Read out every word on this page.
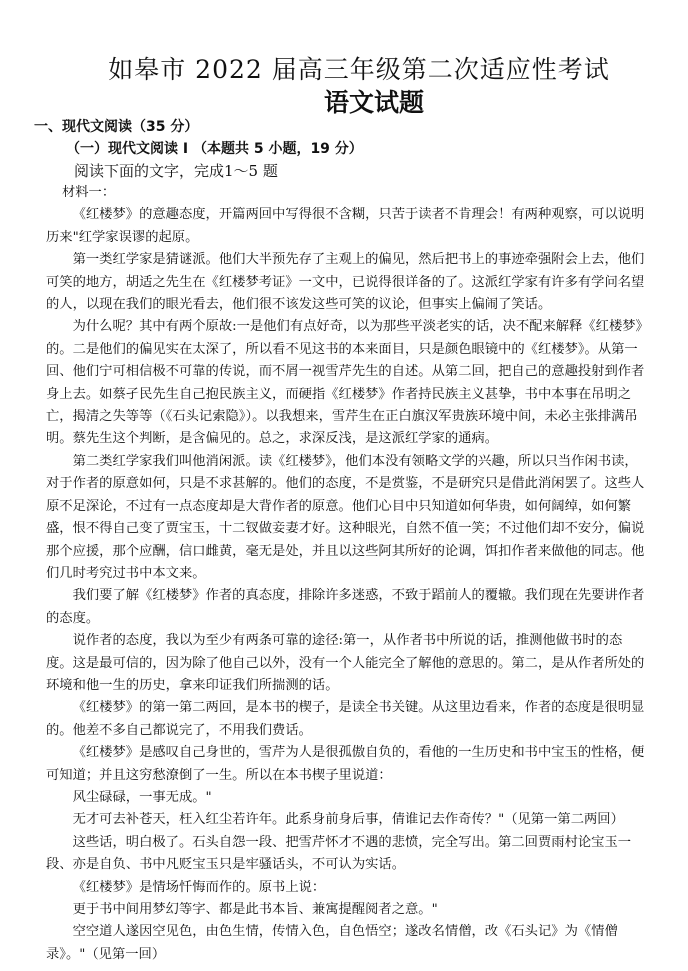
如皋市 2022 届高三年级第二次适应性考试
语文试题
一、现代文阅读（35 分）
（一）现代文阅读 I （本题共 5 小题，19 分）
阅读下面的文字，完成1～5 题

材料一：

《红楼梦》的意趣态度，开篇两回中写得很不含糊，只苦于读者不肯理会！有两种观察，可以说明历来"红学家误谬的起原。

第一类红学家是猜谜派。他们大半预先存了主观上的偏见，然后把书上的事迹牵强附会上去，他们可笑的地方，胡适之先生在《红楼梦考证》一文中，已说得很详备的了。这派红学家有许多有学问名望的人，以现在我们的眼光看去，他们很不该发这些可笑的议论，但事实上偏闹了笑话。

为什么呢？其中有两个原故:一是他们有点好奇，以为那些平淡老实的话，决不配来解释《红楼梦》的。二是他们的偏见实在太深了，所以看不见这书的本来面目，只是颜色眼镜中的《红楼梦》。从第一回、他们宁可相信极不可靠的传说，而不屑一视雪芹先生的自述。从第二回，把自己的意趣投射到作者身上去。如蔡孑民先生自己抱民族主义，而硬指《红楼梦》作者持民族主义甚挚，书中本事在吊明之亡，揭清之失等等（《石头记索隐》）。以我想来，雪芹生在正白旗汉军贵族环境中间，未必主张排满吊明。蔡先生这个判断，是含偏见的。总之，求深反浅，是这派红学家的通病。

第二类红学家我们叫他消闲派。读《红楼梦》，他们本没有领略文学的兴趣，所以只当作闲书读，对于作者的原意如何，只是不求甚解的。他们的态度，不是赏鉴，不是研究只是借此消闲罢了。这些人原不足深论，不过有一点态度却是大背作者的原意。他们心目中只知道如何华贵，如何阔绰，如何繁盛，恨不得自己变了贾宝玉，十二钗做妾妻才好。这种眼光，自然不值一笑；不过他们却不安分，偏说那个应援，那个应酬，信口雌黄，毫无是处，并且以这些阿其所好的论调，饵扣作者来做他的同志。他们几时考究过书中本文来。

我们要了解《红楼梦》作者的真态度，排除许多迷惑，不致于蹈前人的覆辙。我们现在先要讲作者的态度。

说作者的态度，我以为至少有两条可靠的途径:第一，从作者书中所说的话，推测他做书时的态度。这是最可信的，因为除了他自己以外，没有一个人能完全了解他的意思的。第二，是从作者所处的环境和他一生的历史，拿来印证我们所揣测的话。

《红楼梦》的第一第二两回，是本书的楔子，是读全书关键。从这里边看来，作者的态度是很明显的。他差不多自己都说完了，不用我们费话。

《红楼梦》是感叹自己身世的，雪芹为人是很孤傲自负的，看他的一生历史和书中宝玉的性格，便可知道；并且这穷愁潦倒了一生。所以在本书楔子里说道：

风尘碌碌，一事无成。"

无才可去补苍天，枉入红尘若许年。此系身前身后事，倩谁记去作奇传？"（见第一第二两回）

这些话，明白极了。石头自怨一段、把雪芹怀才不遇的悲愤，完全写出。第二回贾雨村论宝玉一段、亦是自负、书中凡贬宝玉只是牢骚话头，不可认为实话。

《红楼梦》是情场忏悔而作的。原书上说：

更于书中间用梦幻等字、都是此书本旨、兼寓提醒阅者之意。"

空空道人遂因空见色，由色生情，传情入色，自色悟空；遂改名情僧，改《石头记》为《情僧录》。"（见第一回）
